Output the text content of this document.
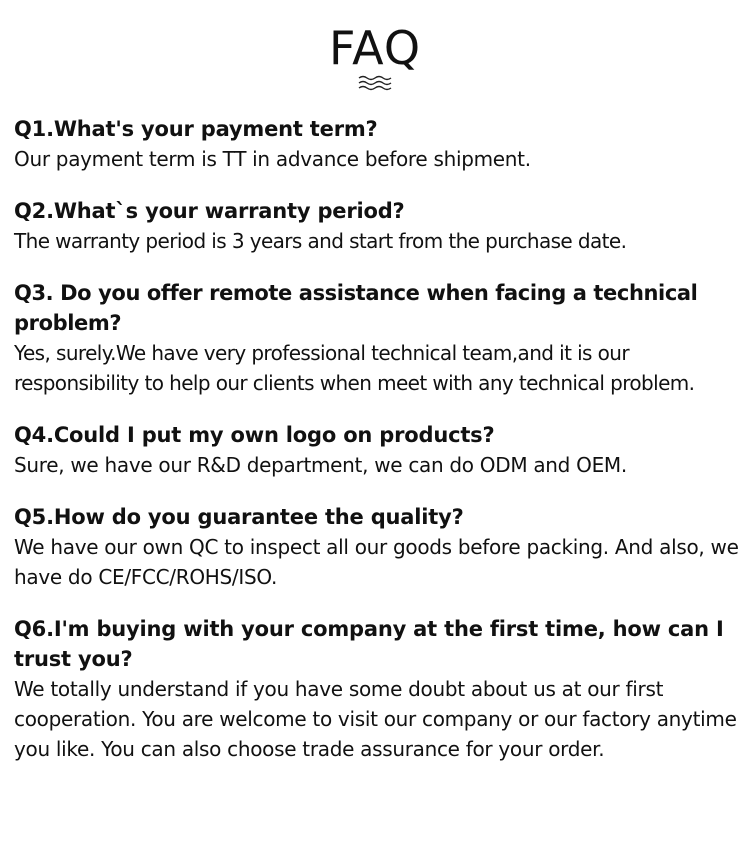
FAQ

Q1.What's your payment term?

Our payment term is TT in advance before shipment.

Q2.What`s your warranty period?

The warranty period is 3 years and start from the purchase date.

Q3. Do you offer remote assistance when facing a technical problem?

Yes, surely.We have very professional technical team,and it is our responsibility to help our clients when meet with any technical problem.

Q4.Could I put my own logo on products?

Sure, we have our R&D department, we can do ODM and OEM.

Q5.How do you guarantee the quality?

We have our own QC to inspect all our goods before packing. And also, we have do CE/FCC/ROHS/ISO.

Q6.I'm buying with your company at the first time, how can I trust you?

We totally understand if you have some doubt about us at our first cooperation. You are welcome to visit our company or our factory anytime you like. You can also choose trade assurance for your order.
